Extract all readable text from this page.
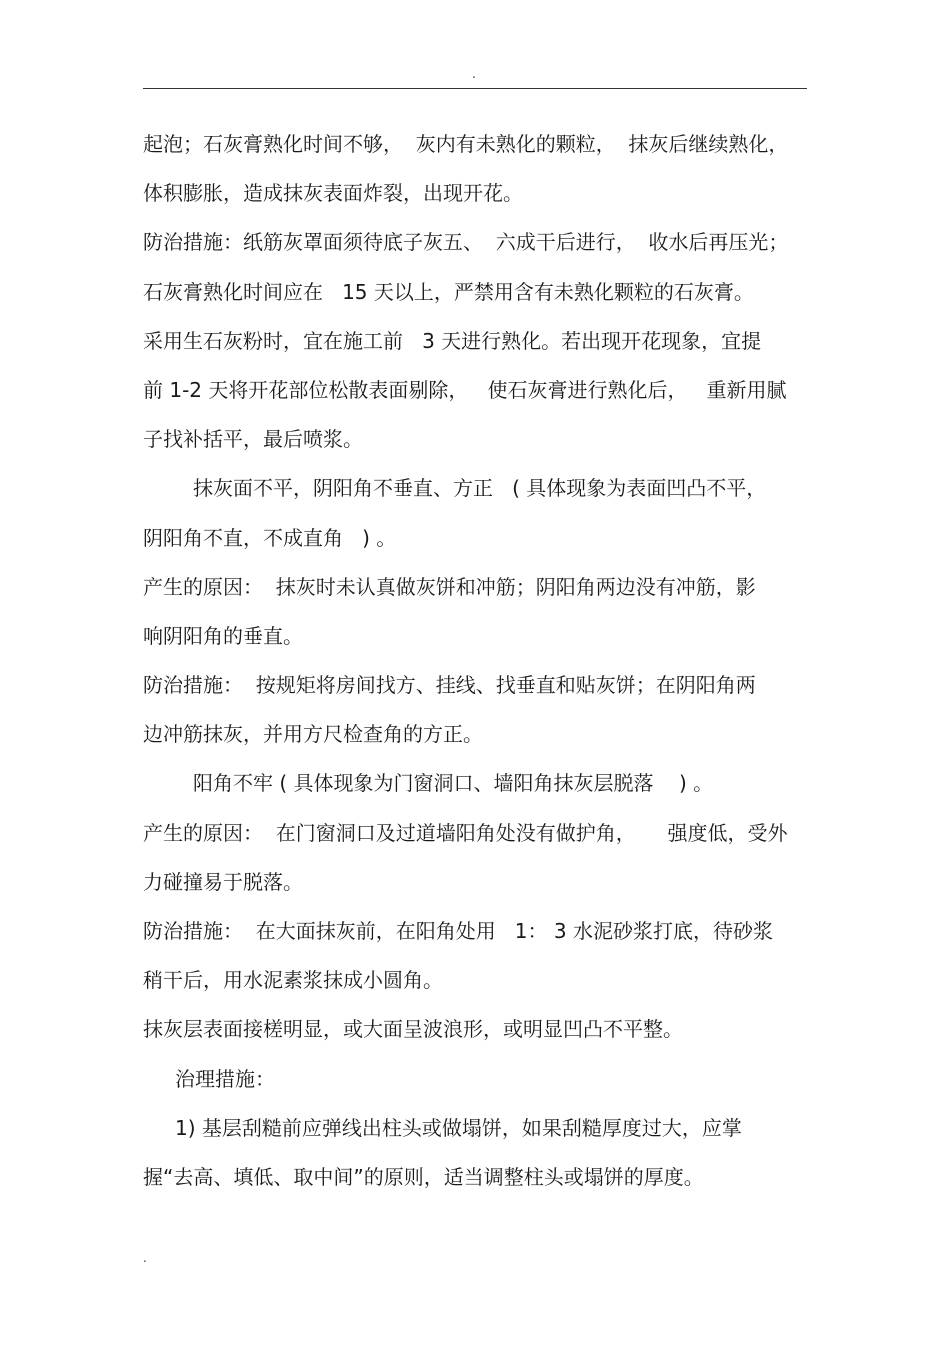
.
起泡；石灰膏熟化时间不够，  灰内有未熟化的颗粒，  抹灰后继续熟化，
体积膨胀，造成抹灰表面炸裂，出现开花。
防治措施：纸筋灰罩面须待底子灰五、  六成干后进行，  收水后再压光；
石灰膏熟化时间应在   15 天以上，严禁用含有未熟化颗粒的石灰膏。
采用生石灰粉时，宜在施工前   3 天进行熟化。若出现开花现象，宜提
前 1-2 天将开花部位松散表面剔除，   使石灰膏进行熟化后，   重新用腻
子找补括平，最后喷浆。
抹灰面不平，阴阳角不垂直、方正   ( 具体现象为表面凹凸不平，
阴阳角不直，不成直角   ) 。
产生的原因：  抹灰时未认真做灰饼和冲筋；阴阳角两边没有冲筋，影
响阴阳角的垂直。
防治措施：  按规矩将房间找方、挂线、找垂直和贴灰饼；在阴阳角两
边冲筋抹灰，并用方尺检查角的方正。
阳角不牢 ( 具体现象为门窗洞口、墙阳角抹灰层脱落    ) 。
产生的原因：  在门窗洞口及过道墙阳角处没有做护角，     强度低，受外
力碰撞易于脱落。
防治措施：  在大面抹灰前，在阳角处用   1： 3 水泥砂浆打底，待砂浆
稍干后，用水泥素浆抹成小圆角。
抹灰层表面接槎明显，或大面呈波浪形，或明显凹凸不平整。
治理措施：
1) 基层刮糙前应弹线出柱头或做塌饼，如果刮糙厚度过大，应掌
握“去高、填低、取中间”的原则，适当调整柱头或塌饼的厚度。
.
